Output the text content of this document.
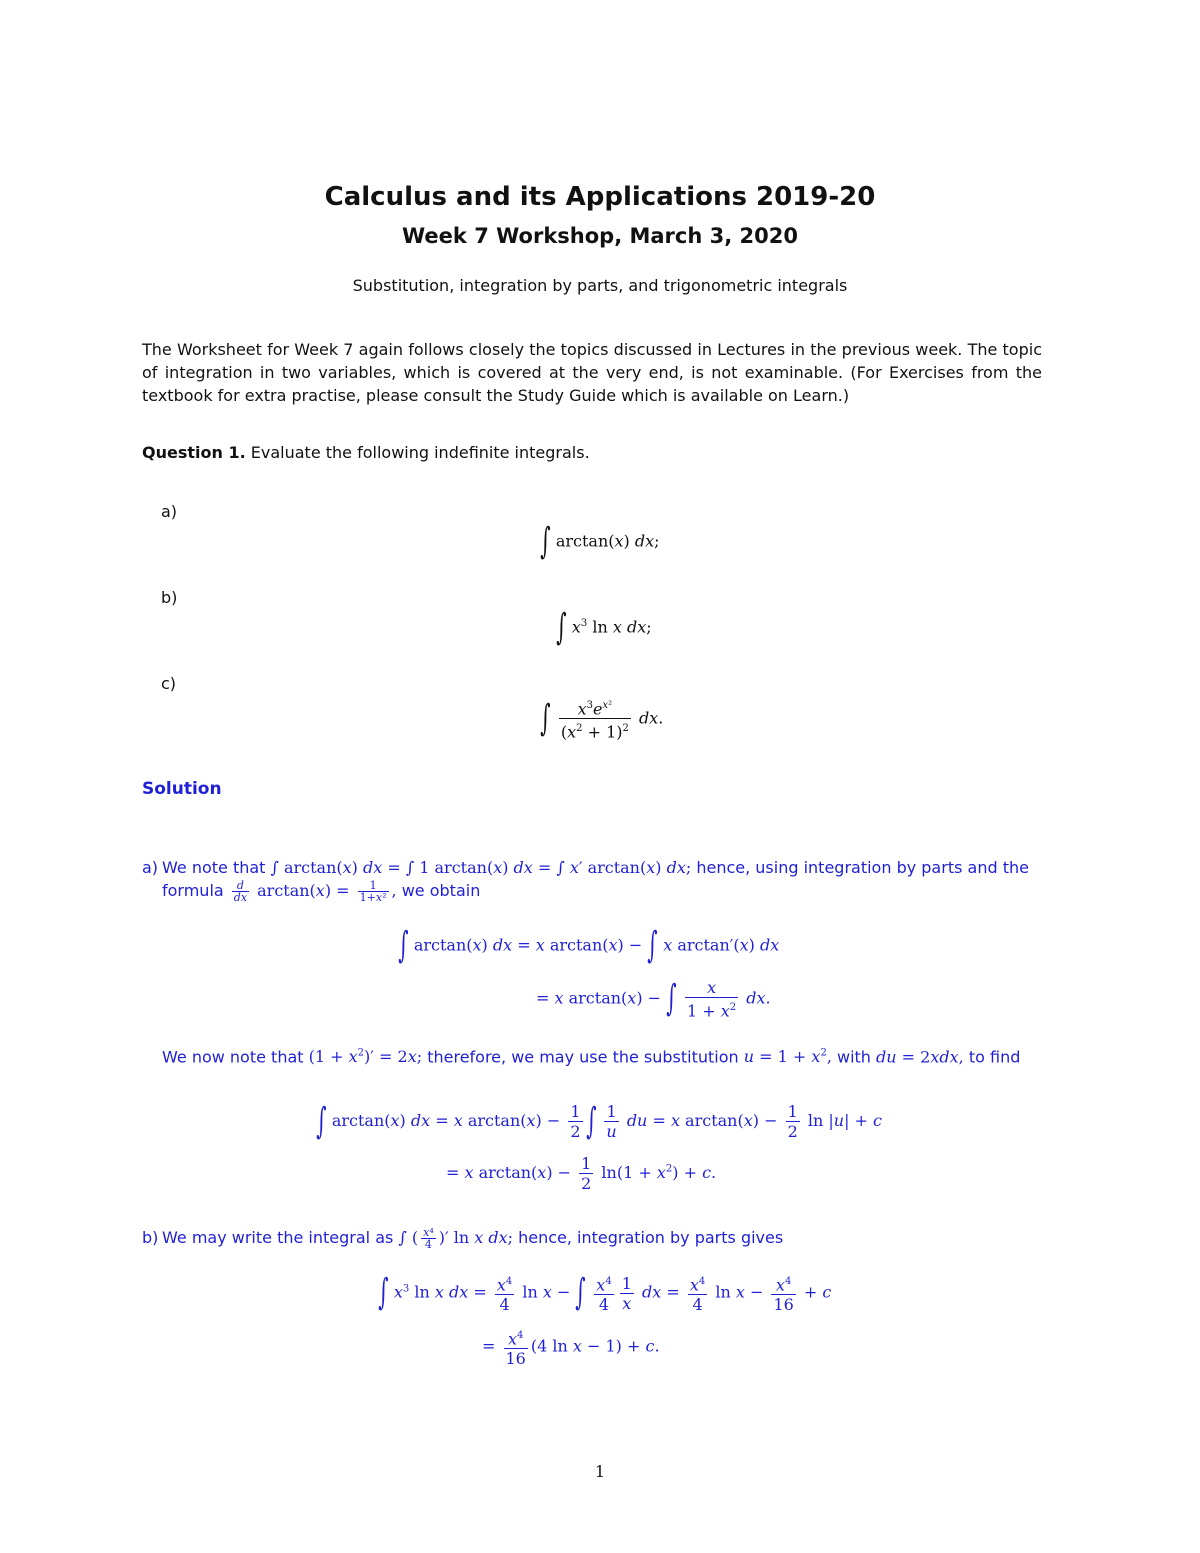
Calculus and its Applications 2019-20
Week 7 Workshop, March 3, 2020
Substitution, integration by parts, and trigonometric integrals
The Worksheet for Week 7 again follows closely the topics discussed in Lectures in the previous week. The topic of integration in two variables, which is covered at the very end, is not examinable. (For Exercises from the textbook for extra practise, please consult the Study Guide which is available on Learn.)
Question 1. Evaluate the following indefinite integrals.
a)
b)
c)
∫ arctan(x) dx;
∫ $x^3$ ln x dx;
∫ $\frac{x^3e^{x^2}}{(x^2 + 1)^2}$ dx.
Solution
a) We note that ∫ arctan(x) dx = ∫ 1 arctan(x) dx = ∫ x′ arctan(x) dx; hence, using integration by parts and the formula $\frac{d}{dx} \arctan(x) = \frac{1}{\text{1+x²}}$ , we obtain
∫ arctan(x) dx = x arctan(x) − ∫ x arctan′(x) dx
= x arctan(x) − ∫ $\frac{x}{1 + x^2}$ dx.
We now note that $(1 + x^2)' = 2x$; therefore, we may use the substitution $u = 1 + x^2$, with du = 2xdx, to find
∫ arctan(x) dx = x $\arctan(x) - \frac{1}{2}$ ∫ $\frac{1}{u}$ du = x $\arctan(x) - \frac{1}{2}$ ln |u| + c
= x $\arctan(x) - \frac{1}{2} \ln(1 + x^2) + c$.
b) We may write the integral as ∫ ( $\frac{\text{x⁴}}{4}$ )′ ln x dx; hence, integration by parts gives
∫ $x^3$ ln x dx = $\frac{x^4}{4}$ ln x − ∫ $\frac{x^4}{4} \frac{1}{x}$ dx = $\frac{x^4}{4}$ $\ln x - \frac{x^4}{16} + c$
= $\frac{x^4}{16} (4$ ln x − 1) + c.
1
